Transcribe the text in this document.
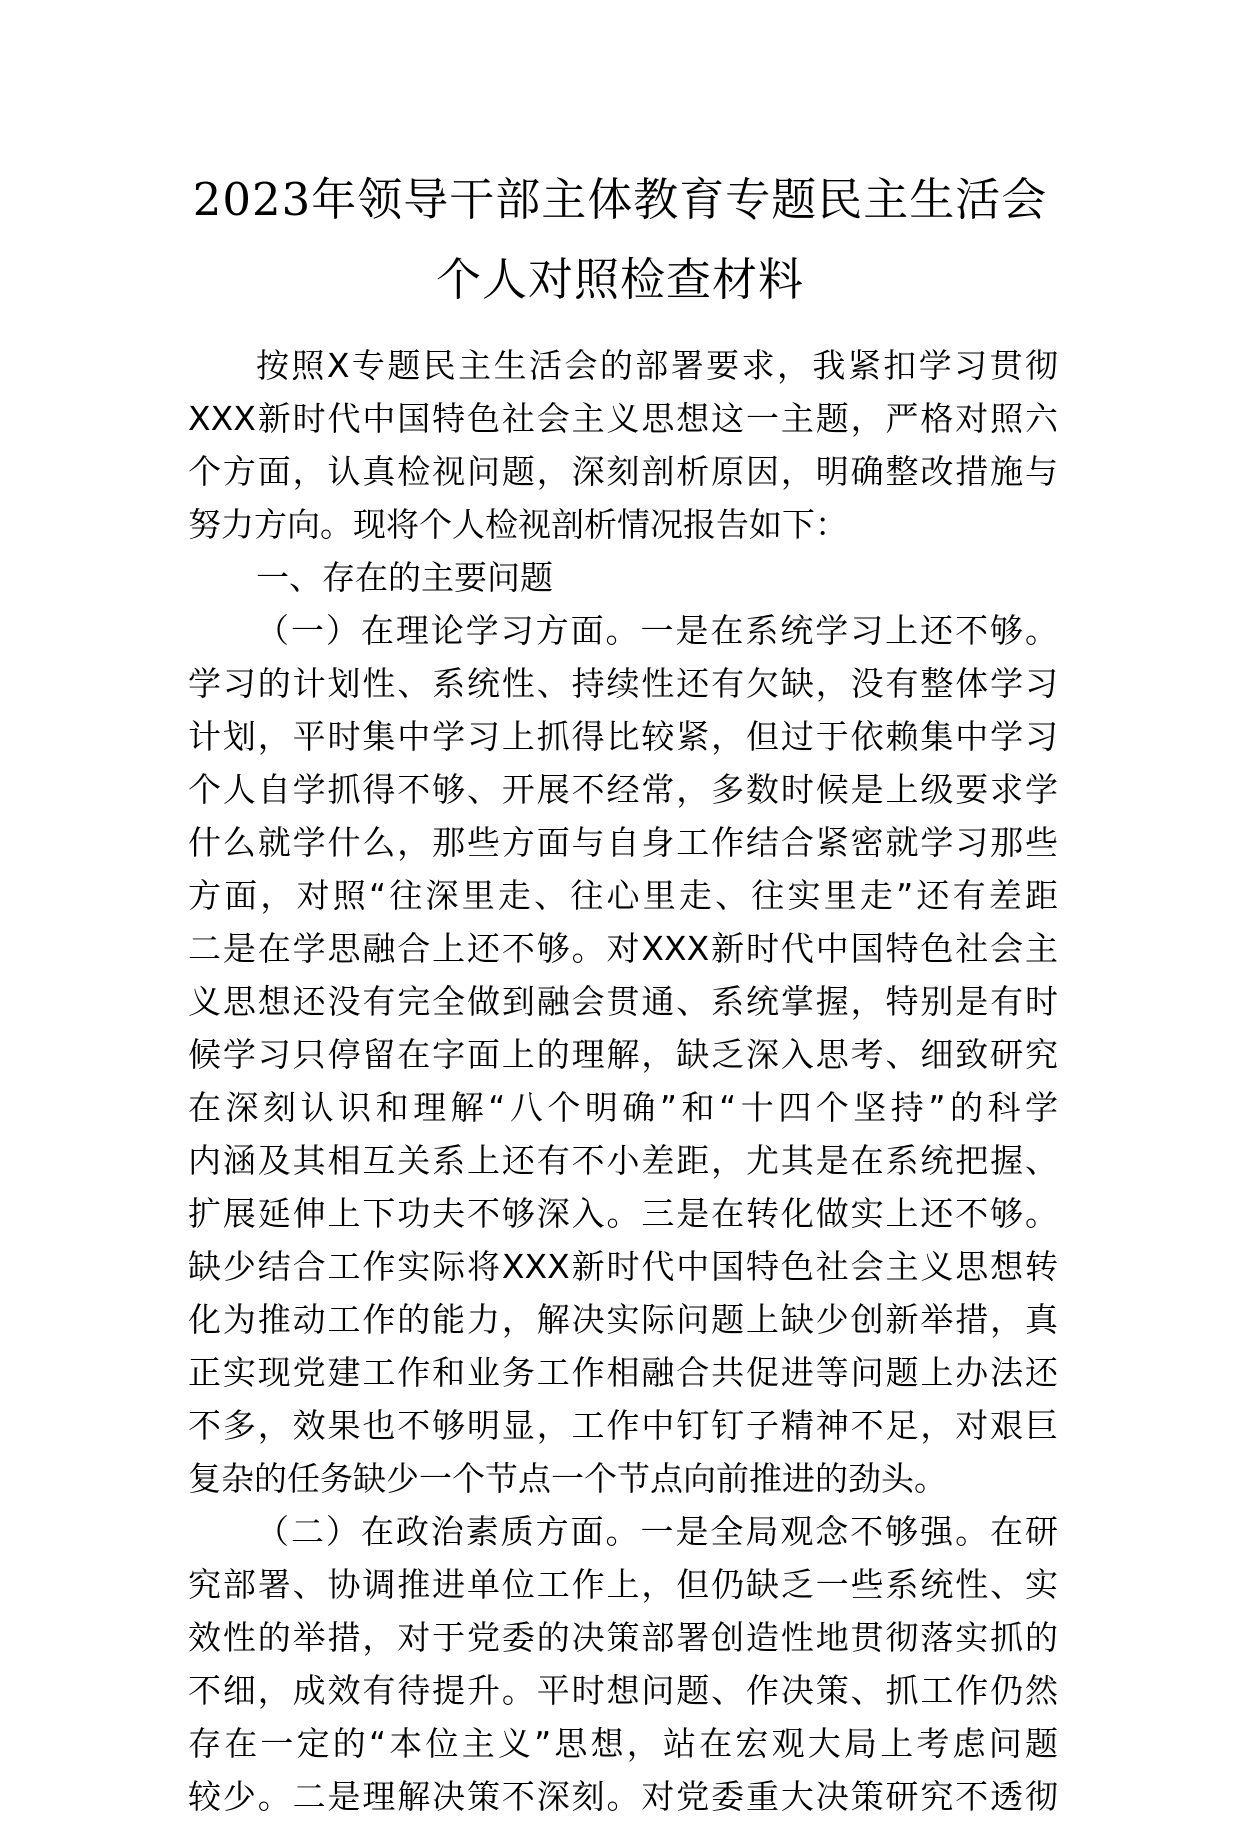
2023年领导干部主体教育专题民主生活会
个人对照检查材料
按照X专题民主生活会的部署要求，我紧扣学习贯彻
XXX新时代中国特色社会主义思想这一主题，严格对照六
个方面，认真检视问题，深刻剖析原因，明确整改措施与
努力方向。现将个人检视剖析情况报告如下：
一、存在的主要问题
（一）在理论学习方面。一是在系统学习上还不够。
学习的计划性、系统性、持续性还有欠缺，没有整体学习
计划，平时集中学习上抓得比较紧，但过于依赖集中学习
个人自学抓得不够、开展不经常，多数时候是上级要求学
什么就学什么，那些方面与自身工作结合紧密就学习那些
方面，对照“往深里走、往心里走、往实里走”还有差距
二是在学思融合上还不够。对XXX新时代中国特色社会主
义思想还没有完全做到融会贯通、系统掌握，特别是有时
候学习只停留在字面上的理解，缺乏深入思考、细致研究
在深刻认识和理解“八个明确”和“十四个坚持”的科学
内涵及其相互关系上还有不小差距，尤其是在系统把握、
扩展延伸上下功夫不够深入。三是在转化做实上还不够。
缺少结合工作实际将XXX新时代中国特色社会主义思想转
化为推动工作的能力，解决实际问题上缺少创新举措，真
正实现党建工作和业务工作相融合共促进等问题上办法还
不多，效果也不够明显，工作中钉钉子精神不足，对艰巨
复杂的任务缺少一个节点一个节点向前推进的劲头。
（二）在政治素质方面。一是全局观念不够强。在研
究部署、协调推进单位工作上，但仍缺乏一些系统性、实
效性的举措，对于党委的决策部署创造性地贯彻落实抓的
不细，成效有待提升。平时想问题、作决策、抓工作仍然
存在一定的“本位主义”思想，站在宏观大局上考虑问题
较少。二是理解决策不深刻。对党委重大决策研究不透彻
